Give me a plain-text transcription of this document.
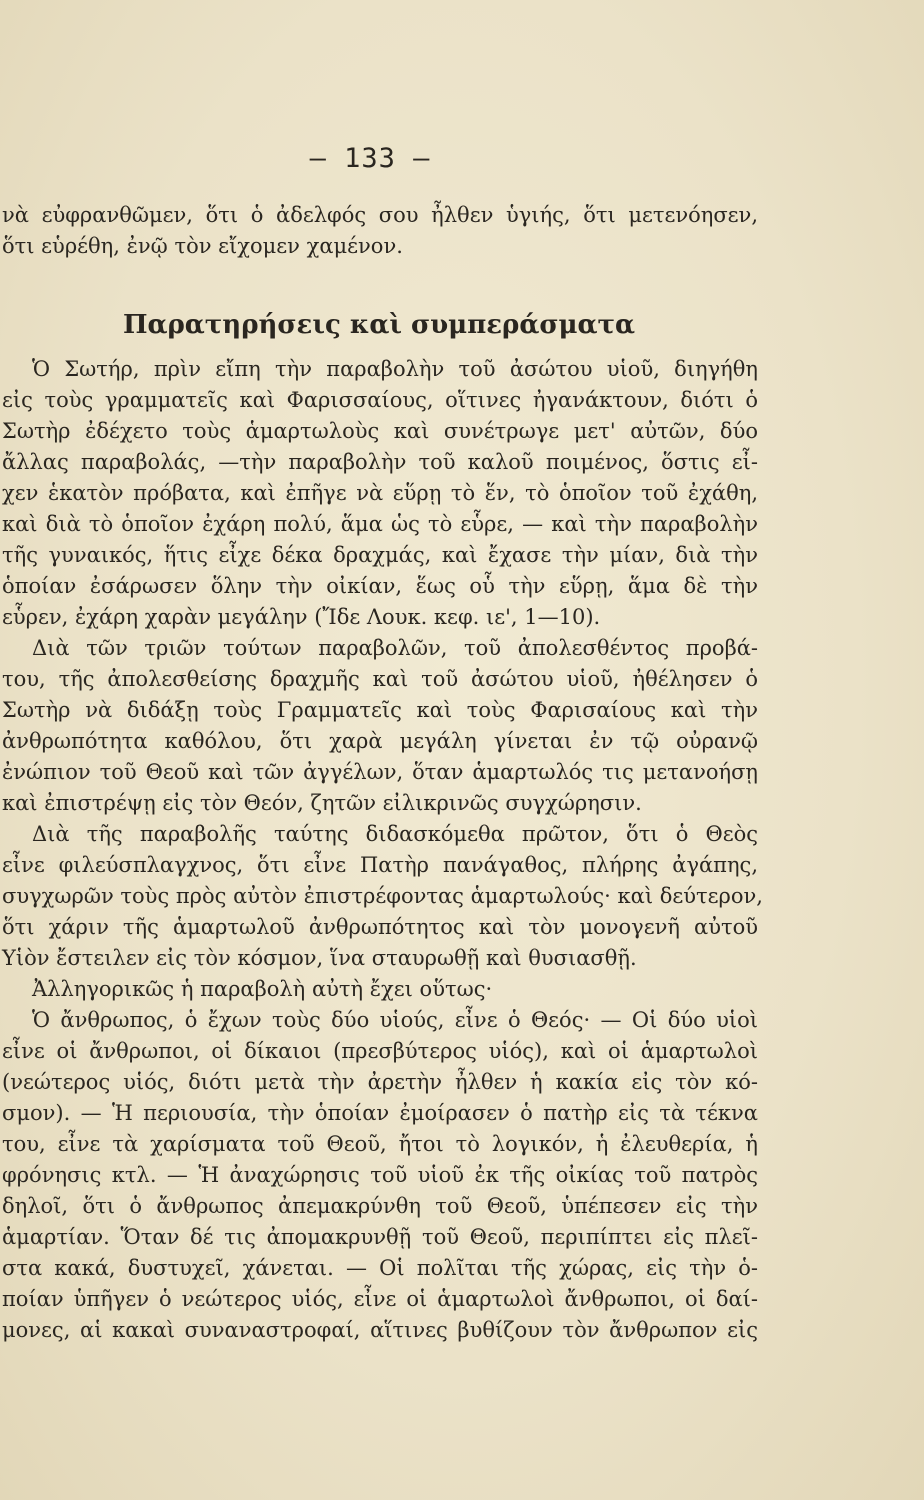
— 133 —
νὰ εὐφρανθῶμεν, ὅτι ὁ ἀδελφός σου ἦλθεν ὑγιής, ὅτι μετενόησεν,
ὅτι εὑρέθη, ἐνῷ τὸν εἴχομεν χαμένον.
Παρατηρήσεις καὶ συμπεράσματα
Ὁ Σωτήρ, πρὶν εἴπη τὴν παραβολὴν τοῦ ἀσώτου υἱοῦ, διηγήθη
εἰς τοὺς γραμματεῖς καὶ Φαρισσαίους, οἵτινες ἠγανάκτουν, διότι ὁ
Σωτὴρ ἐδέχετο τοὺς ἁμαρτωλοὺς καὶ συνέτρωγε μετ' αὐτῶν, δύο
ἄλλας παραβολάς, —τὴν παραβολὴν τοῦ καλοῦ ποιμένος, ὅστις εἶ-
χεν ἑκατὸν πρόβατα, καὶ ἐπῆγε νὰ εὕρῃ τὸ ἕν, τὸ ὁποῖον τοῦ ἐχάθη,
καὶ διὰ τὸ ὁποῖον ἐχάρη πολύ, ἅμα ὡς τὸ εὗρε, — καὶ τὴν παραβολὴν
τῆς γυναικός, ἥτις εἶχε δέκα δραχμάς, καὶ ἔχασε τὴν μίαν, διὰ τὴν
ὁποίαν ἐσάρωσεν ὅλην τὴν οἰκίαν, ἕως οὗ τὴν εὕρῃ, ἅμα δὲ τὴν
εὗρεν, ἐχάρη χαρὰν μεγάλην (Ἴδε Λουκ. κεφ. ιε', 1—10).
Διὰ τῶν τριῶν τούτων παραβολῶν, τοῦ ἀπολεσθέντος προβά-
του, τῆς ἀπολεσθείσης δραχμῆς καὶ τοῦ ἀσώτου υἱοῦ, ἠθέλησεν ὁ
Σωτὴρ νὰ διδάξῃ τοὺς Γραμματεῖς καὶ τοὺς Φαρισαίους καὶ τὴν
ἀνθρωπότητα καθόλου, ὅτι χαρὰ μεγάλη γίνεται ἐν τῷ οὐρανῷ
ἐνώπιον τοῦ Θεοῦ καὶ τῶν ἀγγέλων, ὅταν ἁμαρτωλός τις μετανοήσῃ
καὶ ἐπιστρέψῃ εἰς τὸν Θεόν, ζητῶν εἰλικρινῶς συγχώρησιν.
Διὰ τῆς παραβολῆς ταύτης διδασκόμεθα πρῶτον, ὅτι ὁ Θεὸς
εἶνε φιλεύσπλαγχνος, ὅτι εἶνε Πατὴρ πανάγαθος, πλήρης ἀγάπης,
συγχωρῶν τοὺς πρὸς αὐτὸν ἐπιστρέφοντας ἁμαρτωλούς· καὶ δεύτερον,
ὅτι χάριν τῆς ἁμαρτωλοῦ ἀνθρωπότητος καὶ τὸν μονογενῆ αὐτοῦ
Υἱὸν ἔστειλεν εἰς τὸν κόσμον, ἵνα σταυρωθῇ καὶ θυσιασθῇ.
Ἀλληγορικῶς ἡ παραβολὴ αὐτὴ ἔχει οὕτως·
Ὁ ἄνθρωπος, ὁ ἔχων τοὺς δύο υἱούς, εἶνε ὁ Θεός· — Οἱ δύο υἱοὶ
εἶνε οἱ ἄνθρωποι, οἱ δίκαιοι (πρεσβύτερος υἱός), καὶ οἱ ἁμαρτωλοὶ
(νεώτερος υἱός, διότι μετὰ τὴν ἀρετὴν ἦλθεν ἡ κακία εἰς τὸν κό-
σμον). — Ἡ περιουσία, τὴν ὁποίαν ἐμοίρασεν ὁ πατὴρ εἰς τὰ τέκνα
του, εἶνε τὰ χαρίσματα τοῦ Θεοῦ, ἤτοι τὸ λογικόν, ἡ ἐλευθερία, ἡ
φρόνησις κτλ. — Ἡ ἀναχώρησις τοῦ υἱοῦ ἐκ τῆς οἰκίας τοῦ πατρὸς
δηλοῖ, ὅτι ὁ ἄνθρωπος ἀπεμακρύνθη τοῦ Θεοῦ, ὑπέπεσεν εἰς τὴν
ἁμαρτίαν. Ὅταν δέ τις ἀπομακρυνθῇ τοῦ Θεοῦ, περιπίπτει εἰς πλεῖ-
στα κακά, δυστυχεῖ, χάνεται. — Οἱ πολῖται τῆς χώρας, εἰς τὴν ὁ-
ποίαν ὑπῆγεν ὁ νεώτερος υἱός, εἶνε οἱ ἁμαρτωλοὶ ἄνθρωποι, οἱ δαί-
μονες, αἱ κακαὶ συναναστροφαί, αἵτινες βυθίζουν τὸν ἄνθρωπον εἰς
